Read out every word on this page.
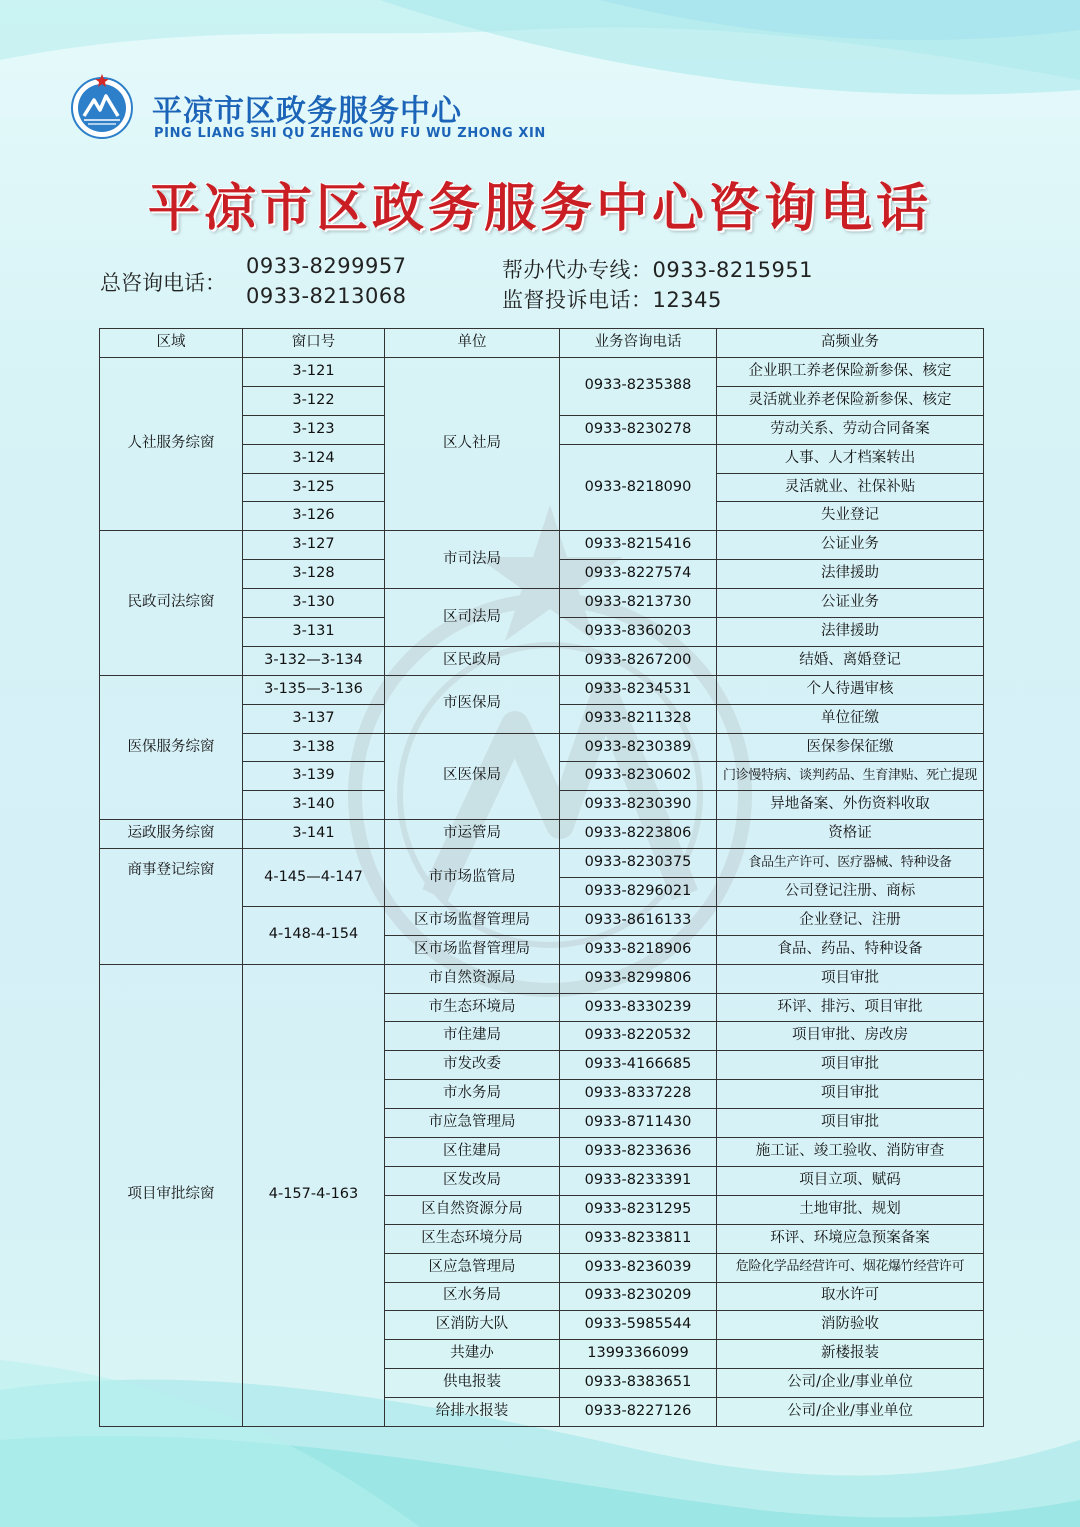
平凉市区政务服务中心
PING LIANG SHI QU ZHENG WU FU WU ZHONG XIN
平凉市区政务服务中心咨询电话
总咨询电话：
0933-8299957
0933-8213068
帮办代办专线：0933-8215951
监督投诉电话：12345
区域	窗口号	单位	业务咨询电话	高频业务
人社服务综窗	3-121	区人社局	0933-8235388	企业职工养老保险新参保、核定
	3-122			灵活就业养老保险新参保、核定
	3-123		0933-8230278	劳动关系、劳动合同备案
	3-124		0933-8218090	人事、人才档案转出
	3-125			灵活就业、社保补贴
	3-126			失业登记
民政司法综窗	3-127	市司法局	0933-8215416	公证业务
	3-128		0933-8227574	法律援助
	3-130	区司法局	0933-8213730	公证业务
	3-131		0933-8360203	法律援助
	3-132—3-134	区民政局	0933-8267200	结婚、离婚登记
医保服务综窗	3-135—3-136	市医保局	0933-8234531	个人待遇审核
	3-137		0933-8211328	单位征缴
	3-138	区医保局	0933-8230389	医保参保征缴
	3-139		0933-8230602	门诊慢特病、谈判药品、生育津贴、死亡提现
	3-140		0933-8230390	异地备案、外伤资料收取
运政服务综窗	3-141	市运管局	0933-8223806	资格证
商事登记综窗	4-145—4-147	市市场监管局	0933-8230375	食品生产许可、医疗器械、特种设备
			0933-8296021	公司登记注册、商标
	4-148-4-154	区市场监督管理局	0933-8616133	企业登记、注册
		区市场监督管理局	0933-8218906	食品、药品、特种设备
项目审批综窗	4-157-4-163	市自然资源局	0933-8299806	项目审批
		市生态环境局	0933-8330239	环评、排污、项目审批
		市住建局	0933-8220532	项目审批、房改房
		市发改委	0933-4166685	项目审批
		市水务局	0933-8337228	项目审批
		市应急管理局	0933-8711430	项目审批
		区住建局	0933-8233636	施工证、竣工验收、消防审查
		区发改局	0933-8233391	项目立项、赋码
		区自然资源分局	0933-8231295	土地审批、规划
		区生态环境分局	0933-8233811	环评、环境应急预案备案
		区应急管理局	0933-8236039	危险化学品经营许可、烟花爆竹经营许可
		区水务局	0933-8230209	取水许可
		区消防大队	0933-5985544	消防验收
		共建办	13993366099	新楼报装
		供电报装	0933-8383651	公司/企业/事业单位
		给排水报装	0933-8227126	公司/企业/事业单位
